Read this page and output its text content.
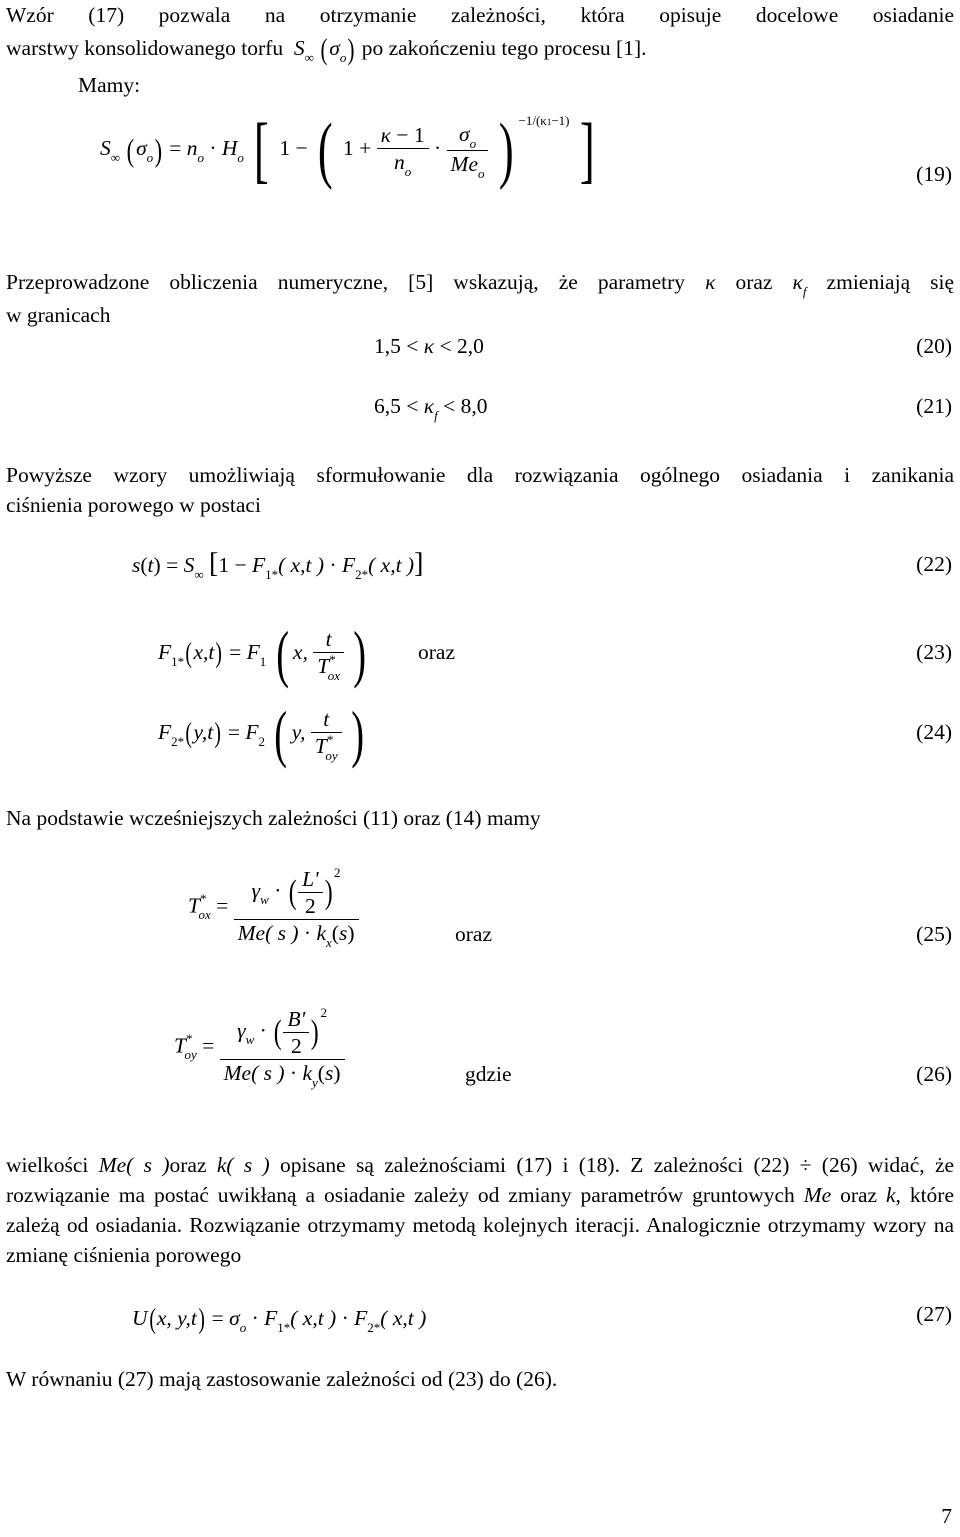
Wzór (17) pozwala na otrzymanie zależności, która opisuje docelowe osiadanie
warstwy konsolidowanego torfu $S_\infty$ $(\sigma_o)$ po zakończeniu tego procesu [1].
Mamy:
$S_\infty$ $(\sigma_o) = n_o \cdot H_o$ [ 1 − ( $1 + \frac{\kappa - 1}{n_o} \cdot \frac{\sigma_o}{Me_o}$ ) $^{-1/(\kappa 1-1)}$ ]	(19)
Przeprowadzone obliczenia numeryczne, [5] wskazują, że parametry κ oraz $\kappa_f$ zmieniają się
w granicach
1,5 < κ < 2,0	(20)
$6,5 < \kappa_f < 8,0$	(21)
Powyższe wzory umożliwiają sformułowanie dla rozwiązania ogólnego osiadania i zanikania
ciśnienia porowego w postaci
$s(t) = S_\infty$ [$1 - F_{1*}$( x,t ) · $F_{2*}$( x,t )]	(22)
$F_{1*}(x,t) = F_1$ ( x, $\frac{t}{T^*_{ox}}$ ) oraz	(23)
$F_{2*}(y,t) = F_2$ ( y, $\frac{t}{T^*_{oy}}$ )	(24)
Na podstawie wcześniejszych zależności (11) oraz (14) mamy
$T^*_{ox} = \frac{\gamma_w \cdot ( \frac{L'}{2} )^2}{Me( s ) \cdot k_x(s)}$	oraz	(25)
$T^*_{oy} = \frac{\gamma_w \cdot ( \frac{B'}{2} )^2}{Me( s ) \cdot k_y(s)}$	gdzie	(26)
wielkości Me( s )oraz k( s ) opisane są zależnościami (17) i (18). Z zależności (22) ÷ (26) widać, że rozwiązanie ma postać uwikłaną a osiadanie zależy od zmiany parametrów gruntowych Me oraz k, które zależą od osiadania. Rozwiązanie otrzymamy metodą kolejnych iteracji. Analogicznie otrzymamy wzory na zmianę ciśnienia porowego
U(x, $y,t) = \sigma_o \cdot F_{1*}$( x,t ) · $F_{2*}$( x,t )	(27)
W równaniu (27) mają zastosowanie zależności od (23) do (26).
7
